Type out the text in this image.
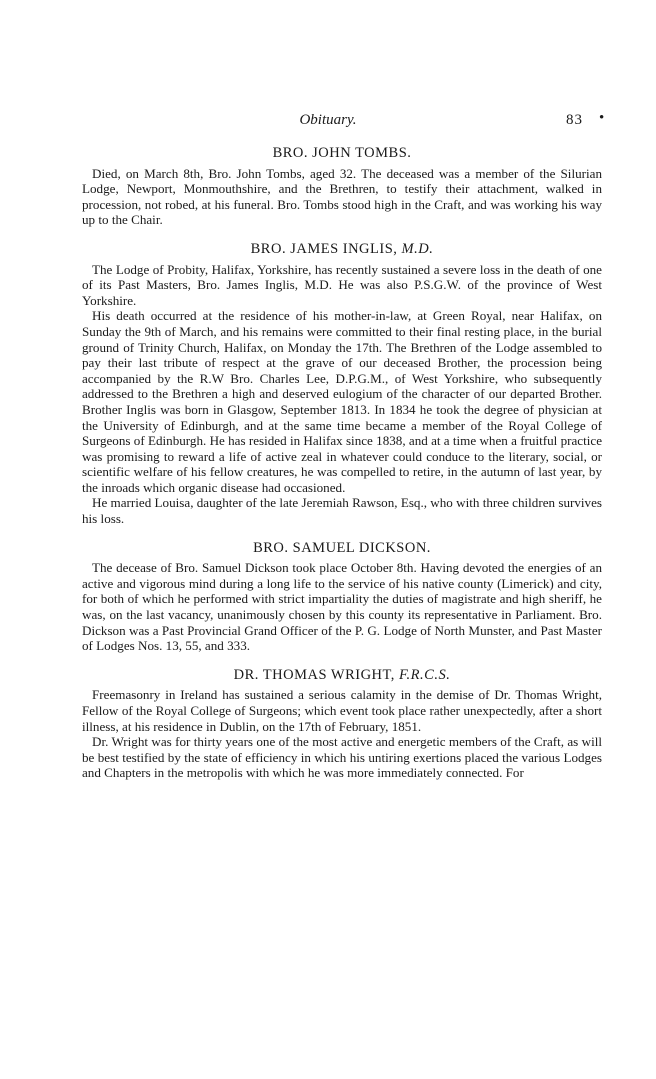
Obituary.	83 •
BRO. JOHN TOMBS.

Died, on March 8th, Bro. John Tombs, aged 32. The deceased was a member of the Silurian Lodge, Newport, Monmouthshire, and the Brethren, to testify their attachment, walked in procession, not robed, at his funeral. Bro. Tombs stood high in the Craft, and was working his way up to the Chair.

BRO. JAMES INGLIS, M.D.

The Lodge of Probity, Halifax, Yorkshire, has recently sustained a severe loss in the death of one of its Past Masters, Bro. James Inglis, M.D. He was also P.S.G.W. of the province of West Yorkshire.

His death occurred at the residence of his mother-in-law, at Green Royal, near Halifax, on Sunday the 9th of March, and his remains were committed to their final resting place, in the burial ground of Trinity Church, Halifax, on Monday the 17th. The Brethren of the Lodge assembled to pay their last tribute of respect at the grave of our deceased Brother, the procession being accompanied by the R.W Bro. Charles Lee, D.P.G.M., of West Yorkshire, who subsequently addressed to the Brethren a high and deserved eulogium of the character of our departed Brother. Brother Inglis was born in Glasgow, September 1813. In 1834 he took the degree of physician at the University of Edinburgh, and at the same time became a member of the Royal College of Surgeons of Edinburgh. He has resided in Halifax since 1838, and at a time when a fruitful practice was promising to reward a life of active zeal in whatever could conduce to the literary, social, or scientific welfare of his fellow creatures, he was compelled to retire, in the autumn of last year, by the inroads which organic disease had occasioned.

He married Louisa, daughter of the late Jeremiah Rawson, Esq., who with three children survives his loss.

BRO. SAMUEL DICKSON.

The decease of Bro. Samuel Dickson took place October 8th. Having devoted the energies of an active and vigorous mind during a long life to the service of his native county (Limerick) and city, for both of which he performed with strict impartiality the duties of magistrate and high sheriff, he was, on the last vacancy, unanimously chosen by this county its representative in Parliament. Bro. Dickson was a Past Provincial Grand Officer of the P. G. Lodge of North Munster, and Past Master of Lodges Nos. 13, 55, and 333.

DR. THOMAS WRIGHT, F.R.C.S.

Freemasonry in Ireland has sustained a serious calamity in the demise of Dr. Thomas Wright, Fellow of the Royal College of Surgeons; which event took place rather unexpectedly, after a short illness, at his residence in Dublin, on the 17th of February, 1851.

Dr. Wright was for thirty years one of the most active and energetic members of the Craft, as will be best testified by the state of efficiency in which his untiring exertions placed the various Lodges and Chapters in the metropolis with which he was more immediately connected. For
